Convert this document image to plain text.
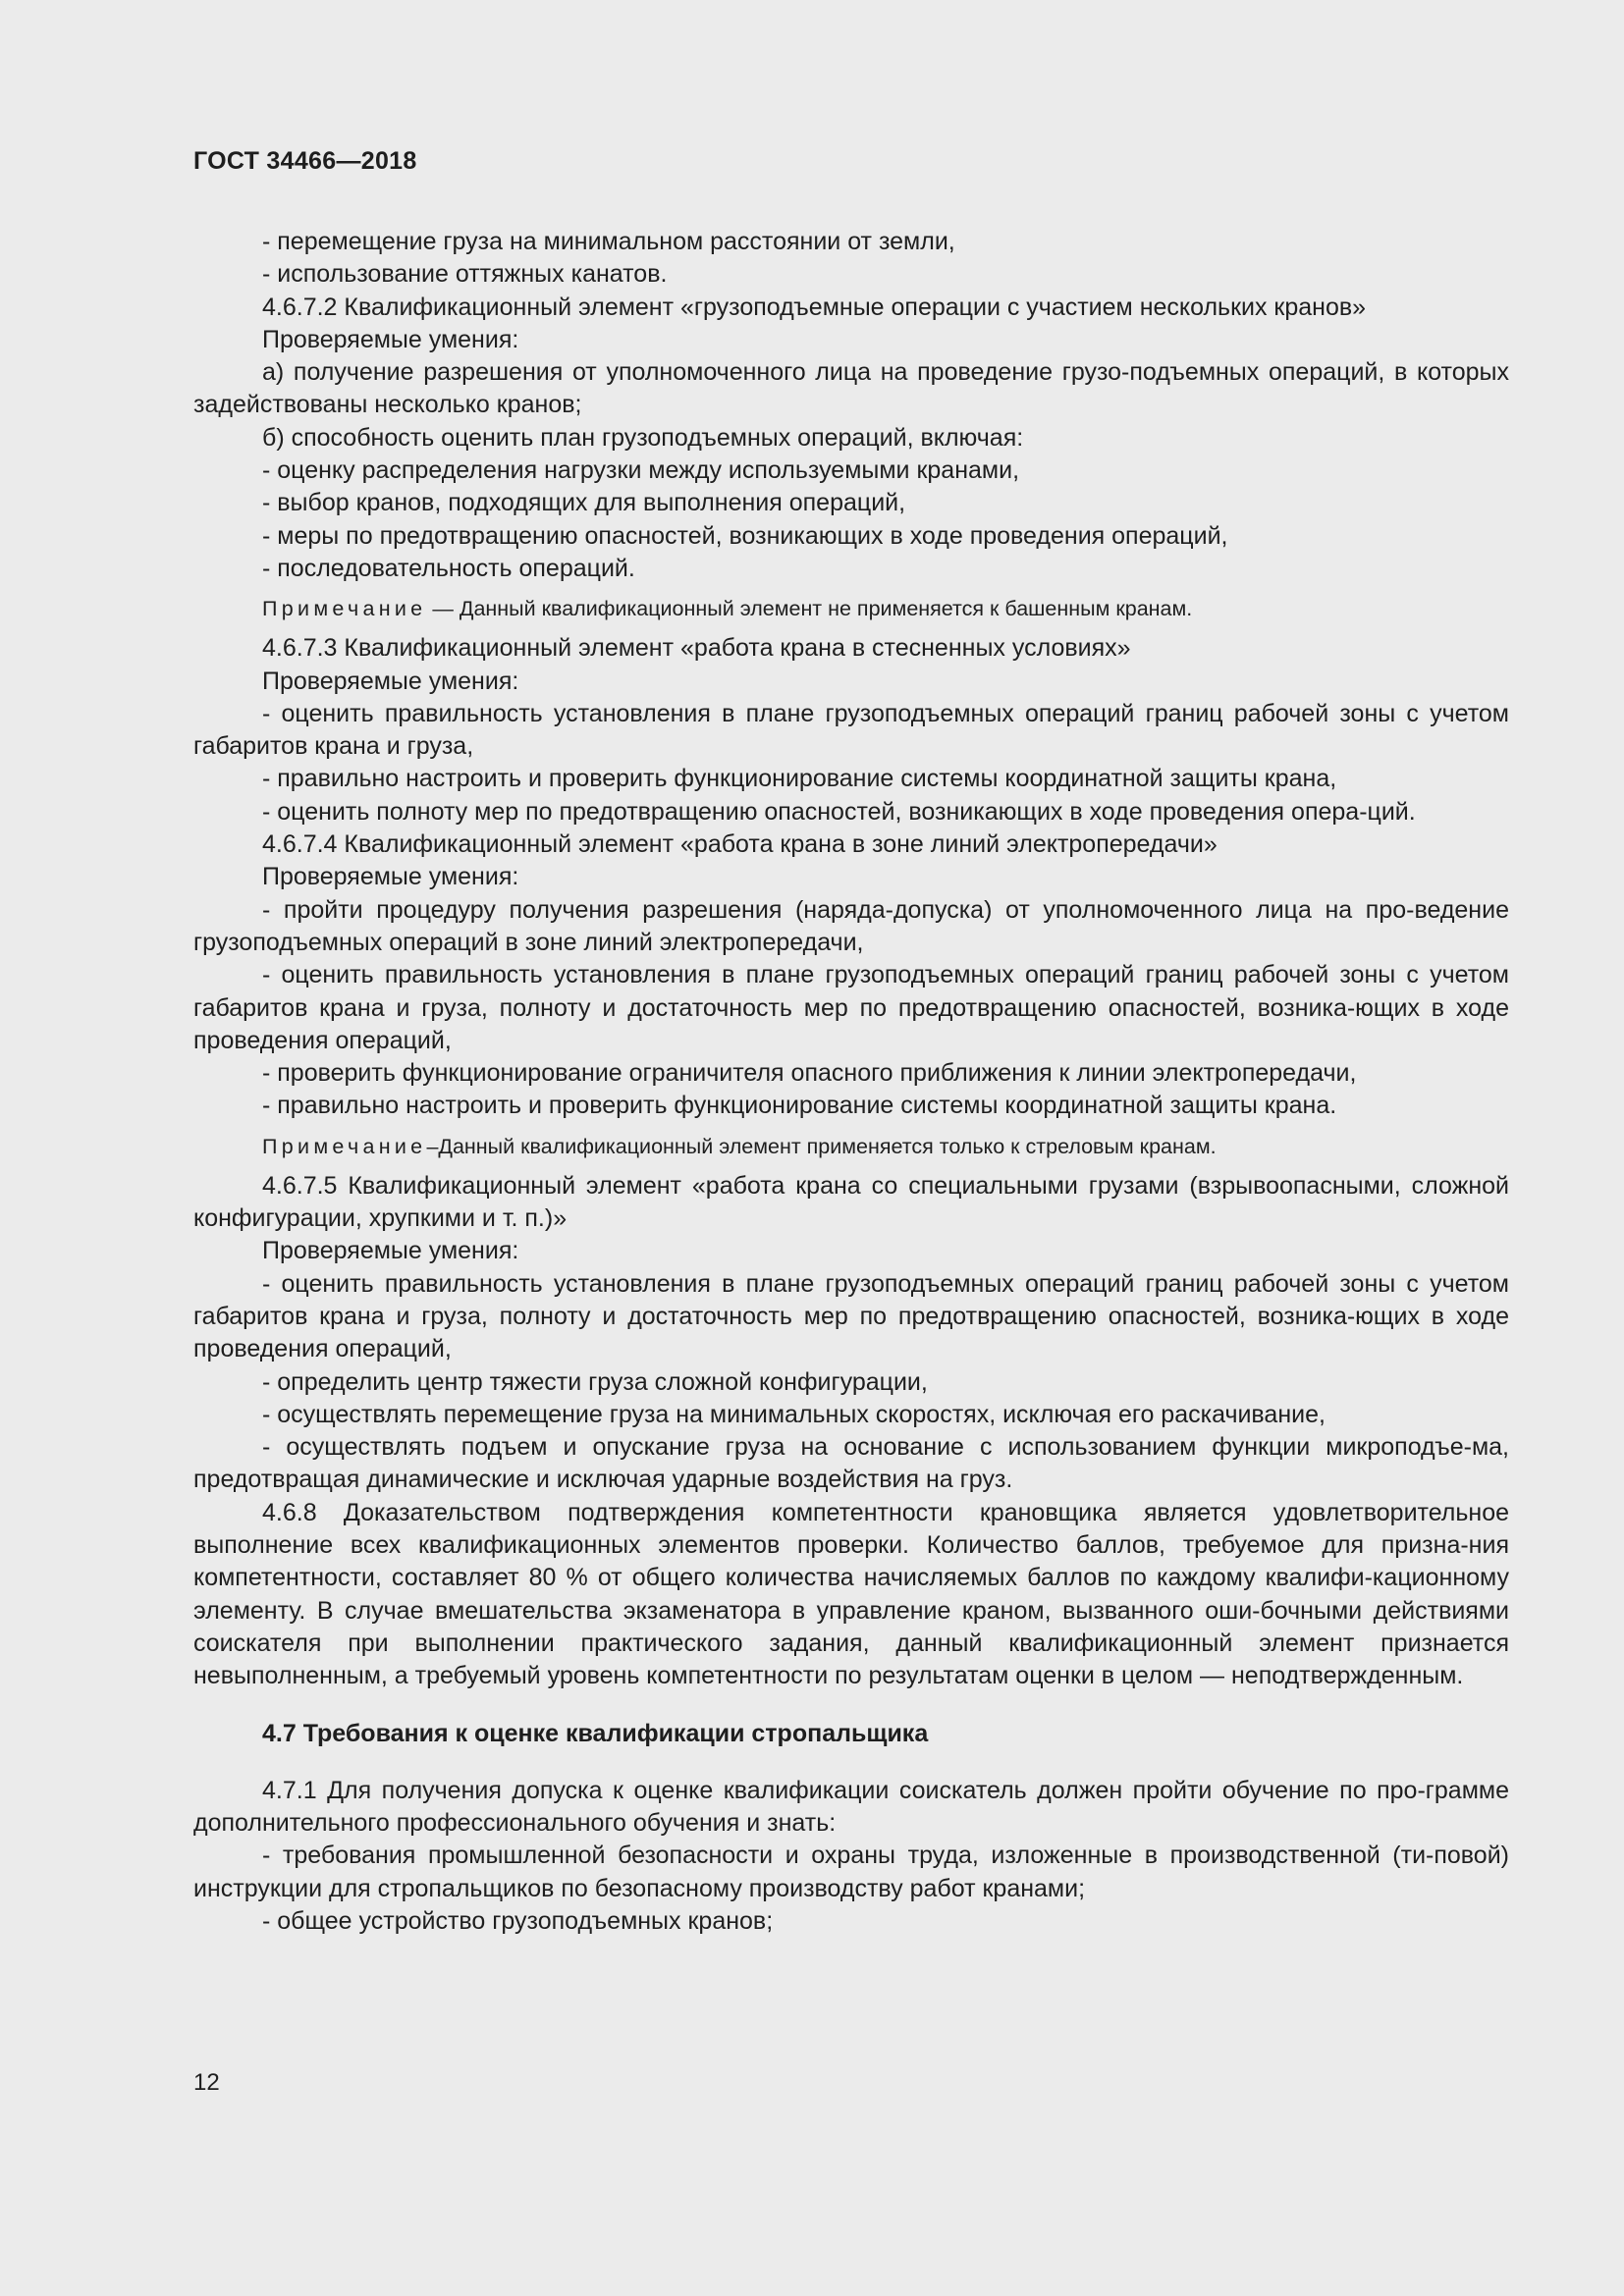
ГОСТ 34466—2018

- перемещение груза на минимальном расстоянии от земли,

- использование оттяжных канатов.

4.6.7.2 Квалификационный элемент «грузоподъемные операции с участием нескольких кранов»

Проверяемые умения:

а) получение разрешения от уполномоченного лица на проведение грузо-подъемных операций, в которых задействованы несколько кранов;

б) способность оценить план грузоподъемных операций, включая:

- оценку распределения нагрузки между используемыми кранами,

- выбор кранов, подходящих для выполнения операций,

- меры по предотвращению опасностей, возникающих в ходе проведения операций,

- последовательность операций.

Примечание — Данный квалификационный элемент не применяется к башенным кранам.

4.6.7.3 Квалификационный элемент «работа крана в стесненных условиях»

Проверяемые умения:

- оценить правильность установления в плане грузоподъемных операций границ рабочей зоны с учетом габаритов крана и груза,

- правильно настроить и проверить функционирование системы координатной защиты крана,

- оценить полноту мер по предотвращению опасностей, возникающих в ходе проведения опера-ций.

4.6.7.4 Квалификационный элемент «работа крана в зоне линий электропередачи»

Проверяемые умения:

- пройти процедуру получения разрешения (наряда-допуска) от уполномоченного лица на про-ведение грузоподъемных операций в зоне линий электропередачи,

- оценить правильность установления в плане грузоподъемных операций границ рабочей зоны с учетом габаритов крана и груза, полноту и достаточность мер по предотвращению опасностей, возника-ющих в ходе проведения операций,

- проверить функционирование ограничителя опасного приближения к линии электропередачи,

- правильно настроить и проверить функционирование системы координатной защиты крана.

Примечание–Данный квалификационный элемент применяется только к стреловым кранам.

4.6.7.5 Квалификационный элемент «работа крана со специальными грузами (взрывоопасными, сложной конфигурации, хрупкими и т. п.)»

Проверяемые умения:

- оценить правильность установления в плане грузоподъемных операций границ рабочей зоны с учетом габаритов крана и груза, полноту и достаточность мер по предотвращению опасностей, возника-ющих в ходе проведения операций,

- определить центр тяжести груза сложной конфигурации,

- осуществлять перемещение груза на минимальных скоростях, исключая его раскачивание,

- осуществлять подъем и опускание груза на основание с использованием функции микроподъе-ма, предотвращая динамические и исключая ударные воздействия на груз.

4.6.8 Доказательством подтверждения компетентности крановщика является удовлетворительное выполнение всех квалификационных элементов проверки. Количество баллов, требуемое для призна-ния компетентности, составляет 80 % от общего количества начисляемых баллов по каждому квалифи-кационному элементу. В случае вмешательства экзаменатора в управление краном, вызванного оши-бочными действиями соискателя при выполнении практического задания, данный квалификационный элемент признается невыполненным, а требуемый уровень компетентности по результатам оценки в целом — неподтвержденным.

4.7 Требования к оценке квалификации стропальщика

4.7.1 Для получения допуска к оценке квалификации соискатель должен пройти обучение по про-грамме дополнительного профессионального обучения и знать:

- требования промышленной безопасности и охраны труда, изложенные в производственной (ти-повой) инструкции для стропальщиков по безопасному производству работ кранами;

- общее устройство грузоподъемных кранов;

12
